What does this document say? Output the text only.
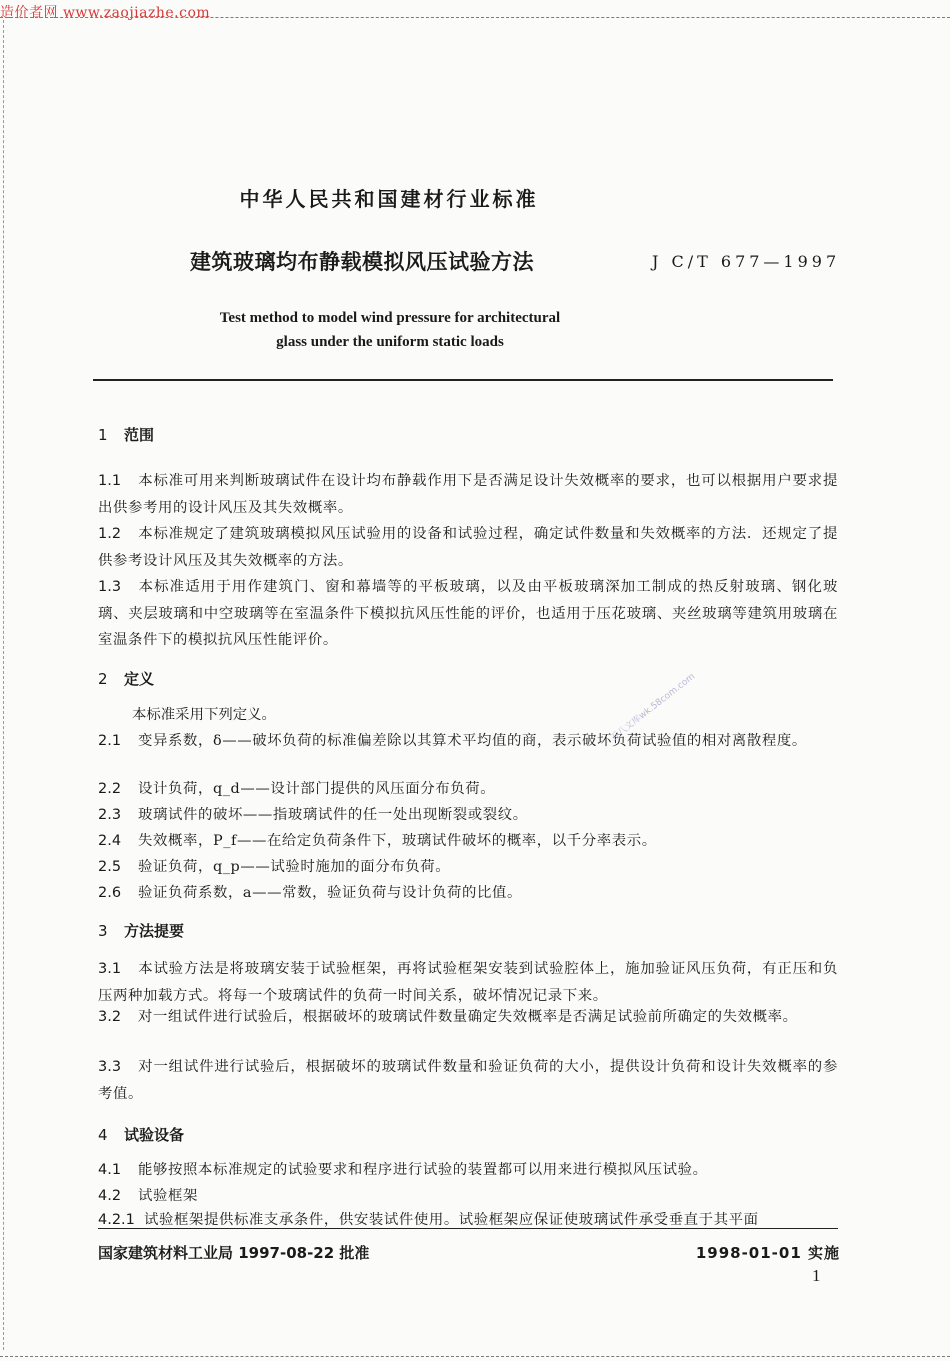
造价者网 www.zaojiazhe.com
中华人民共和国建材行业标准
建筑玻璃均布静载模拟风压试验方法	J C/T 677—1997
Test method to model wind pressure for architectural
glass under the uniform static loads
1 范围
1.1 本标准可用来判断玻璃试件在设计均布静载作用下是否满足设计失效概率的要求，也可以根据用户要求提出供参考用的设计风压及其失效概率。
1.2 本标准规定了建筑玻璃模拟风压试验用的设备和试验过程，确定试件数量和失效概率的方法．还规定了提供参考设计风压及其失效概率的方法。
1.3 本标准适用于用作建筑门、窗和幕墙等的平板玻璃，以及由平板玻璃深加工制成的热反射玻璃、钢化玻璃、夹层玻璃和中空玻璃等在室温条件下模拟抗风压性能的评价，也适用于压花玻璃、夹丝玻璃等建筑用玻璃在室温条件下的模拟抗风压性能评价。
2 定义
本标准采用下列定义。
2.1 变异系数，δ——破坏负荷的标准偏差除以其算术平均值的商，表示破坏负荷试验值的相对离散程度。
2.2 设计负荷，q_d——设计部门提供的风压面分布负荷。
2.3 玻璃试件的破坏——指玻璃试件的任一处出现断裂或裂纹。
2.4 失效概率，P_f——在给定负荷条件下，玻璃试件破坏的概率，以千分率表示。
2.5 验证负荷，q_p——试验时施加的面分布负荷。
2.6 验证负荷系数，a——常数，验证负荷与设计负荷的比值。
3 方法提要
3.1 本试验方法是将玻璃安装于试验框架，再将试验框架安装到试验腔体上，施加验证风压负荷，有正压和负压两种加载方式。将每一个玻璃试件的负荷一时间关系，破坏情况记录下来。
3.2 对一组试件进行试验后，根据破坏的玻璃试件数量确定失效概率是否满足试验前所确定的失效概率。
3.3 对一组试件进行试验后，根据破坏的玻璃试件数量和验证负荷的大小，提供设计负荷和设计失效概率的参考值。
4 试验设备
4.1 能够按照本标准规定的试验要求和程序进行试验的装置都可以用来进行模拟风压试验。
4.2 试验框架
4.2.1 试验框架提供标准支承条件，供安装试件使用。试验框架应保证使玻璃试件承受垂直于其平面
国家建筑材料工业局 1997-08-22 批准	1998-01-01 实施
1
五八文库wk.58com.com
